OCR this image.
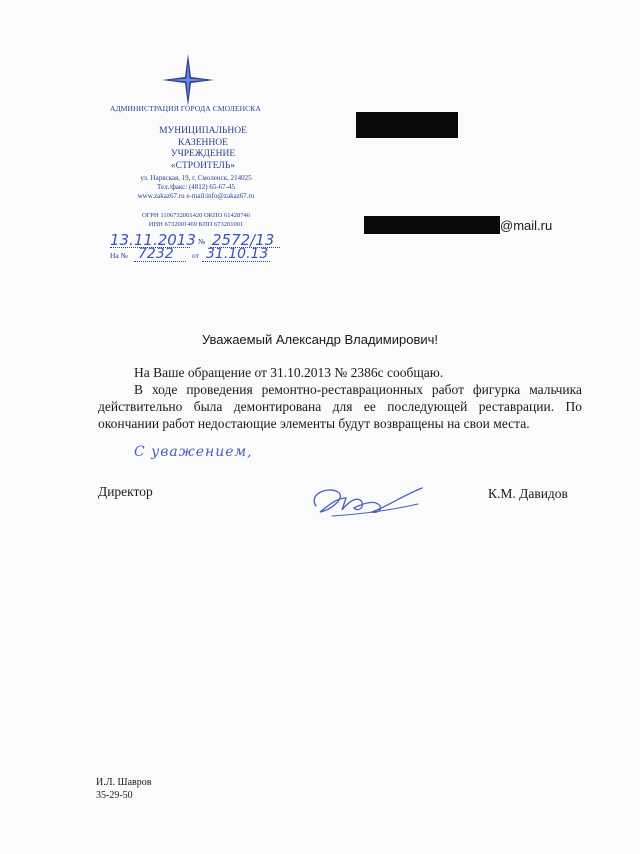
АДМИНИСТРАЦИЯ ГОРОДА СМОЛЕНСКА
МУНИЦИПАЛЬНОЕ
КАЗЕННОЕ УЧРЕЖДЕНИЕ
«СТРОИТЕЛЬ»
ул. Нарвская, 19, г. Смоленск, 214025
Тел./факс: (4812) 65-67-45
www.zakaz67.ru e-mail:info@zakaz67.ru
ОГРН 1106732001420 ОКПО 61428746
ИНН 6732001469 КПП 673201001
13.11.2013 № 2572/13
На № 7232 от 31.10.13
@mail.ru
Уважаемый Александр Владимирович!

На Ваше обращение от 31.10.2013 № 2386с сообщаю.

В ходе проведения ремонтно-реставрационных работ фигурка мальчика действительно была демонтирована для ее последующей реставрации. По окончании работ недостающие элементы будут возвращены на свои места.

С уважением,
Директор	К.М. Давидов
И.Л. Шавров
35-29-50
